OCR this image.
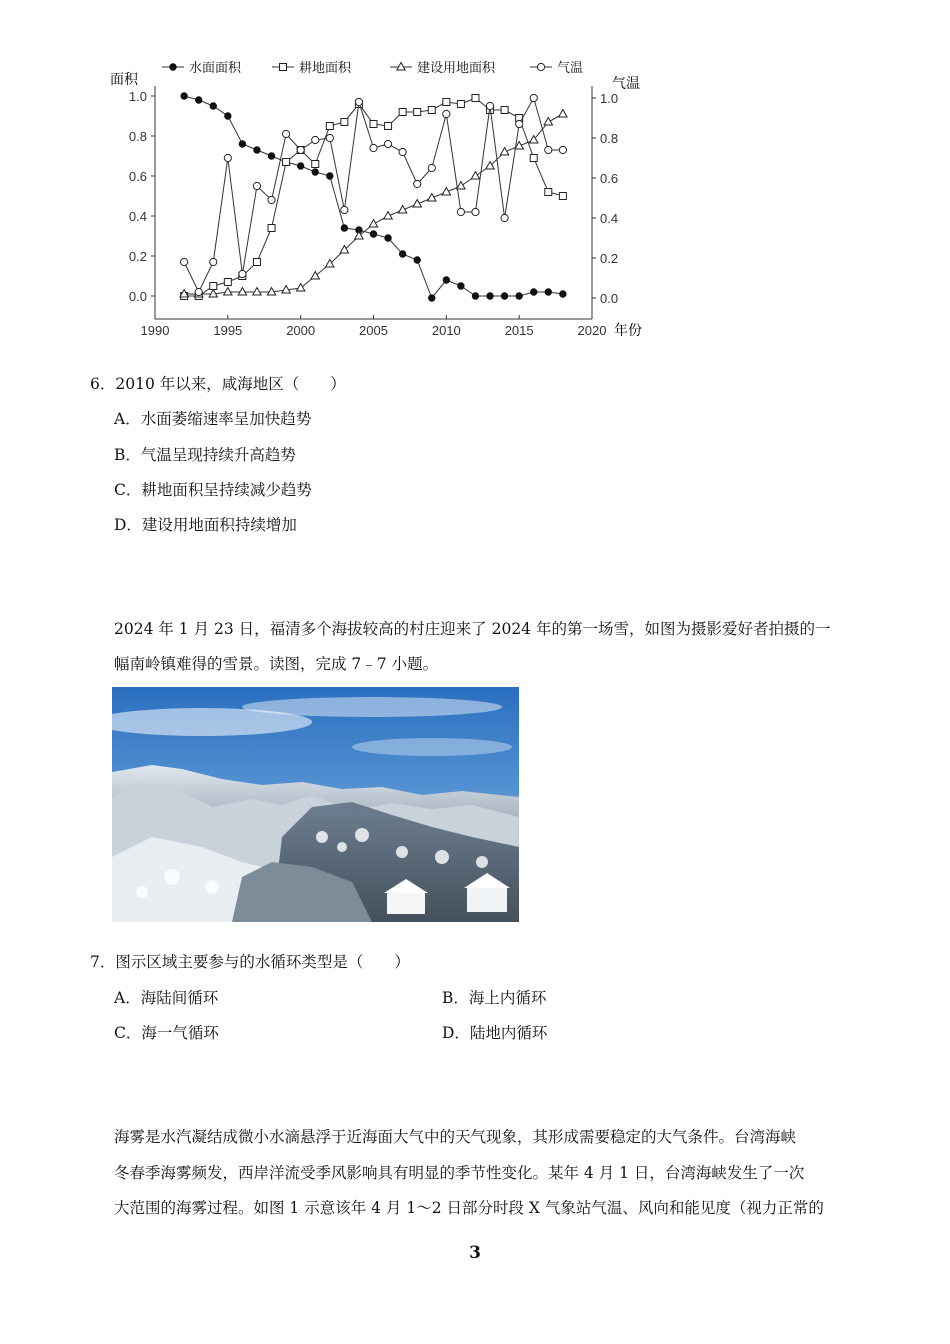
水面面积	耕地面积	建设用地面积	气温
面积	气温
年份
0.0
0.2
0.4
0.6
0.8
1.0
0.0
0.2
0.4
0.6
0.8
1.0
1990	1995	2000	2005	2010	2015	2020
6．2010 年以来，咸海地区（　　）
A．水面萎缩速率呈加快趋势
B．气温呈现持续升高趋势
C．耕地面积呈持续减少趋势
D．建设用地面积持续增加
2024 年 1 月 23 日，福清多个海拔较高的村庄迎来了 2024 年的第一场雪，如图为摄影爱好者拍摄的一
幅南岭镇难得的雪景。读图，完成 7﹣7 小题。
7．图示区域主要参与的水循环类型是（　　）
A．海陆间循环	B．海上内循环
C．海一气循环	D．陆地内循环
海雾是水汽凝结成微小水滴悬浮于近海面大气中的天气现象，其形成需要稳定的大气条件。台湾海峡
冬春季海雾频发，西岸洋流受季风影响具有明显的季节性变化。某年 4 月 1 日，台湾海峡发生了一次
大范围的海雾过程。如图 1 示意该年 4 月 1～2 日部分时段 X 气象站气温、风向和能见度（视力正常的
3
